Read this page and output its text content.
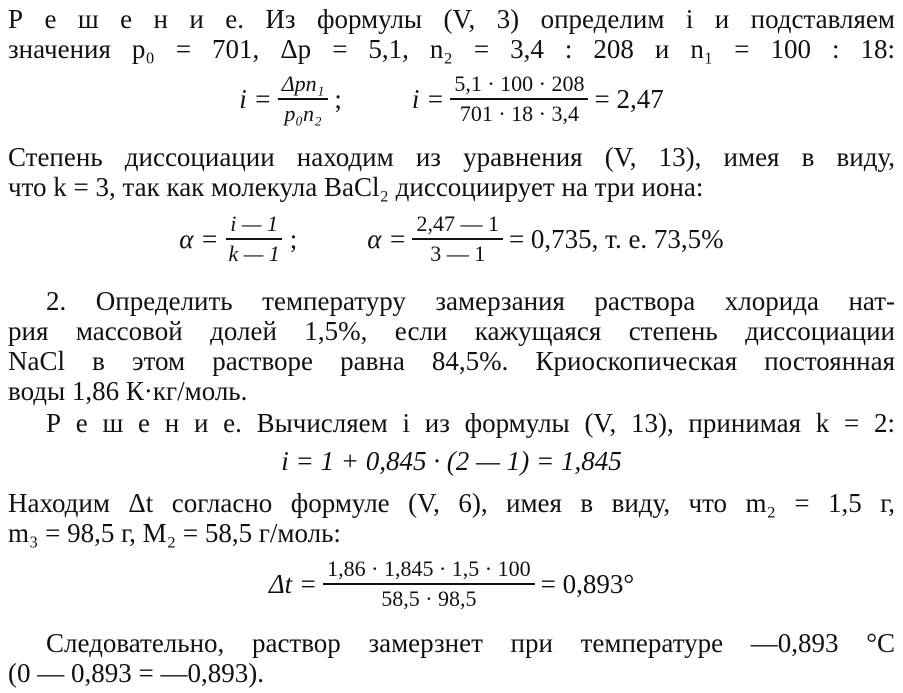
Р е ш е н и е. Из формулы (V, 3) определим i и подставляем
значения p₀ = 701, Δp = 5,1, n₂ = 3,4 : 208 и n₁ = 100 : 18:
$i = \frac{\text{Δpn₁}}{\text{p₀n₂}}$ ;	$i = \frac{5,1 \cdot 100 \cdot 208}{701 \cdot 18 \cdot 3,4} = 2,47$
Степень диссоциации находим из уравнения (V, 13), имея в виду,
что k = 3, так как молекула BaCl₂ диссоциирует на три иона:
$\alpha = \frac{i — 1}{k — 1}$ ;	$\alpha = \frac{2,47 — 1}{3 — 1} = 0,735$, т. е. 73,5%
2. Определить температуру замерзания раствора хлорида нат-
рия массовой долей 1,5%, если кажущаяся степень диссоциации
NaCl в этом растворе равна 84,5%. Криоскопическая постоянная
воды 1,86 К·кг/моль.
Р е ш е н и е. Вычисляем i из формулы (V, 13), принимая k = 2:
i = 1 + 0,845 · (2 — 1) = 1,845
Находим Δt согласно формуле (V, 6), имея в виду, что m₂ = 1,5 г,
m₃ = 98,5 г, M₂ = 58,5 г/моль:
$\Delta t = \frac{1,86 \cdot 1,845 \cdot 1,5 \cdot 100}{58,5 \cdot 98,5} = 0,893^\circ$
Следовательно, раствор замерзнет при температуре —0,893 °С
(0 — 0,893 = —0,893).
